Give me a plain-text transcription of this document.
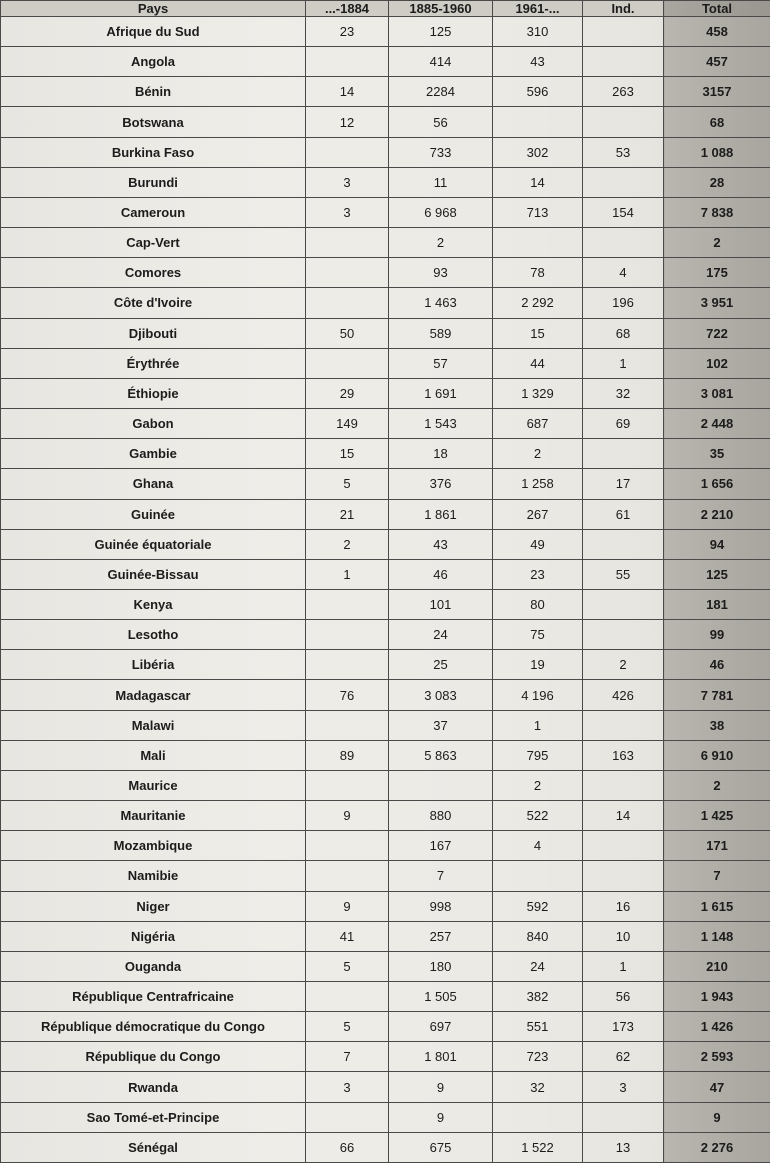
Pays	...-1884	1885-1960	1961-...	Ind.	Total
Afrique du Sud	23	125	310		458
Angola		414	43		457
Bénin	14	2284	596	263	3157
Botswana	12	56			68
Burkina Faso		733	302	53	1 088
Burundi	3	11	14		28
Cameroun	3	6 968	713	154	7 838
Cap-Vert		2			2
Comores		93	78	4	175
Côte d'Ivoire		1 463	2 292	196	3 951
Djibouti	50	589	15	68	722
Érythrée		57	44	1	102
Éthiopie	29	1 691	1 329	32	3 081
Gabon	149	1 543	687	69	2 448
Gambie	15	18	2		35
Ghana	5	376	1 258	17	1 656
Guinée	21	1 861	267	61	2 210
Guinée équatoriale	2	43	49		94
Guinée-Bissau	1	46	23	55	125
Kenya		101	80		181
Lesotho		24	75		99
Libéria		25	19	2	46
Madagascar	76	3 083	4 196	426	7 781
Malawi		37	1		38
Mali	89	5 863	795	163	6 910
Maurice			2		2
Mauritanie	9	880	522	14	1 425
Mozambique		167	4		171
Namibie		7			7
Niger	9	998	592	16	1 615
Nigéria	41	257	840	10	1 148
Ouganda	5	180	24	1	210
République Centrafricaine		1 505	382	56	1 943
République démocratique du Congo	5	697	551	173	1 426
République du Congo	7	1 801	723	62	2 593
Rwanda	3	9	32	3	47
Sao Tomé-et-Principe		9			9
Sénégal	66	675	1 522	13	2 276
